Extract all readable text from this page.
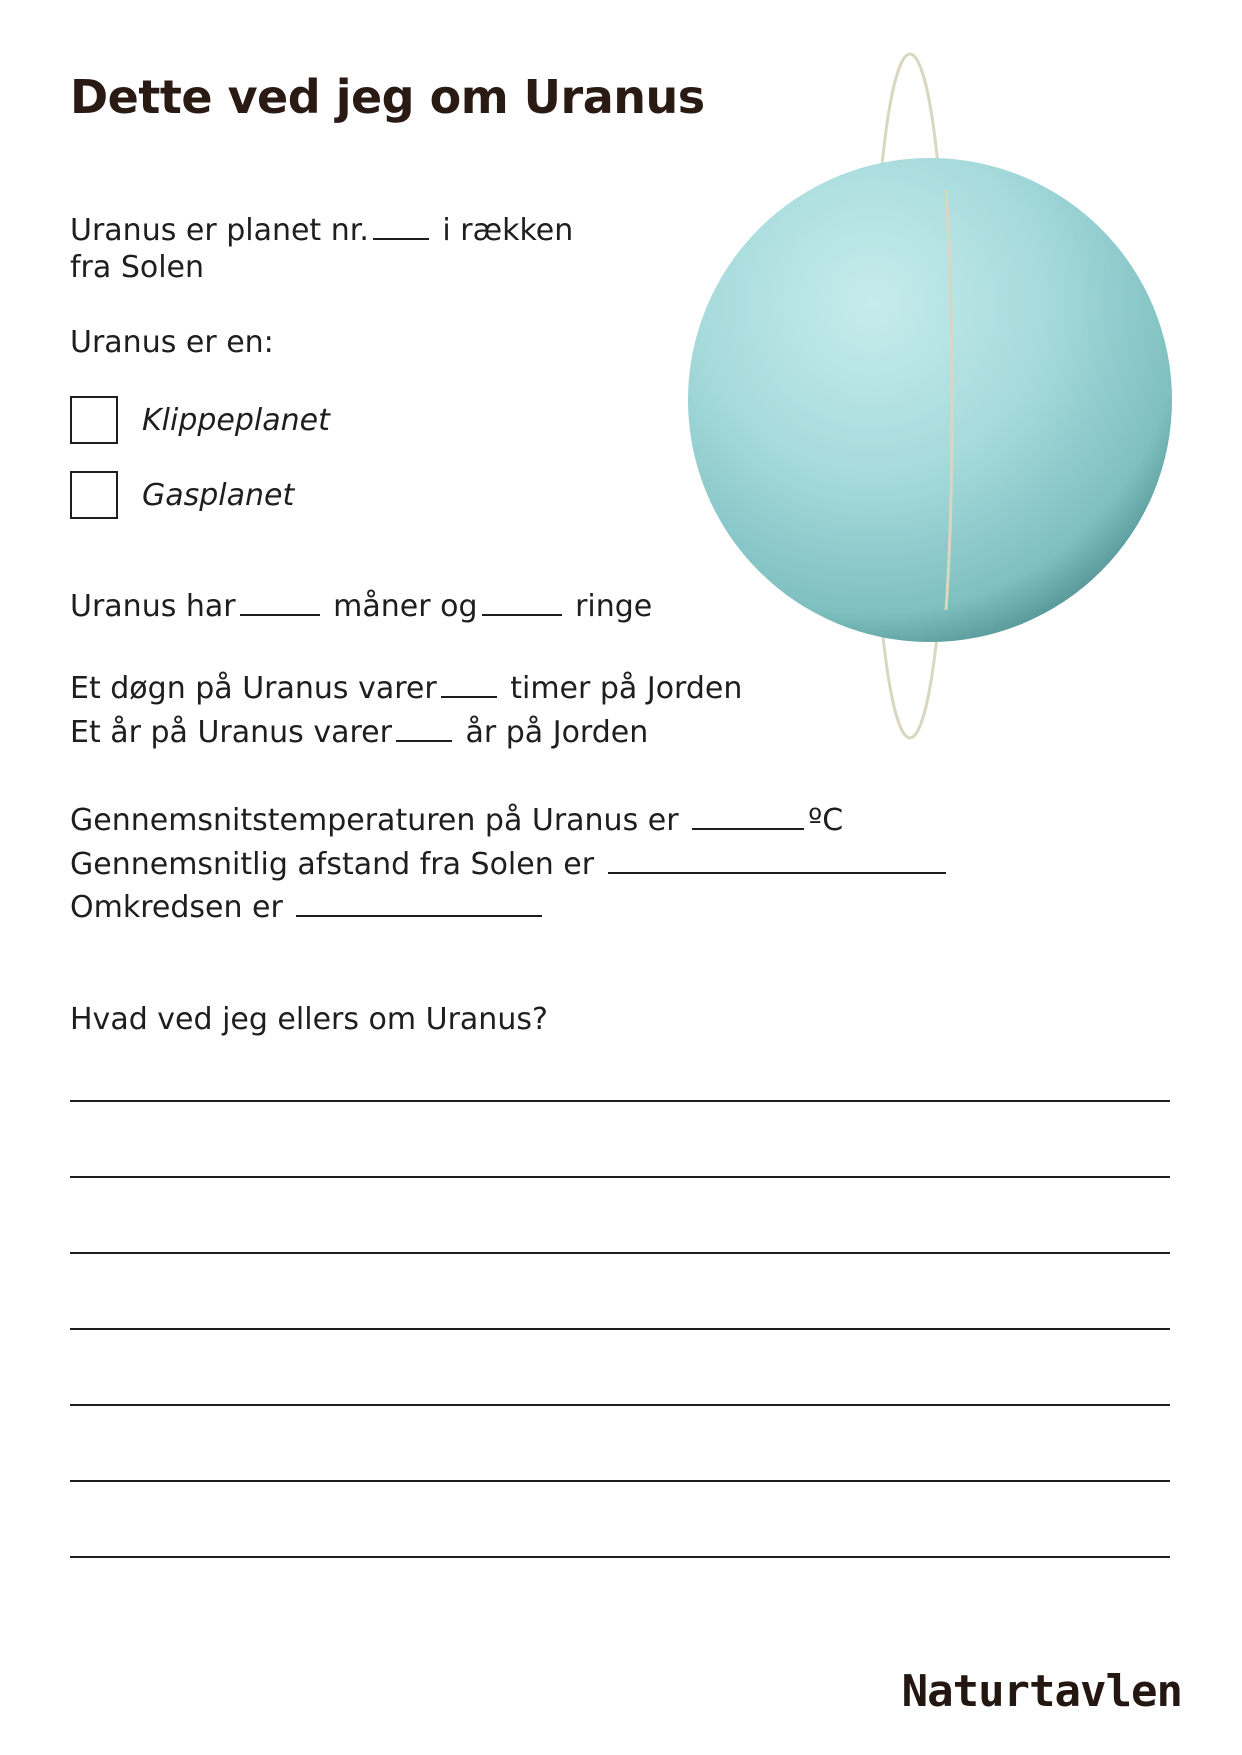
Dette ved jeg om Uranus
Uranus er planet nr. i rækken
fra Solen
Uranus er en:
Klippeplanet
Gasplanet
Uranus har	måner og	ringe
Et døgn på Uranus varer timer på Jorden
Et år på Uranus varer år på Jorden
Gennemsnitstemperaturen på Uranus er	ºC
Gennemsnitlig afstand fra Solen er
Omkredsen er
Hvad ved jeg ellers om Uranus?
Naturtavlen
